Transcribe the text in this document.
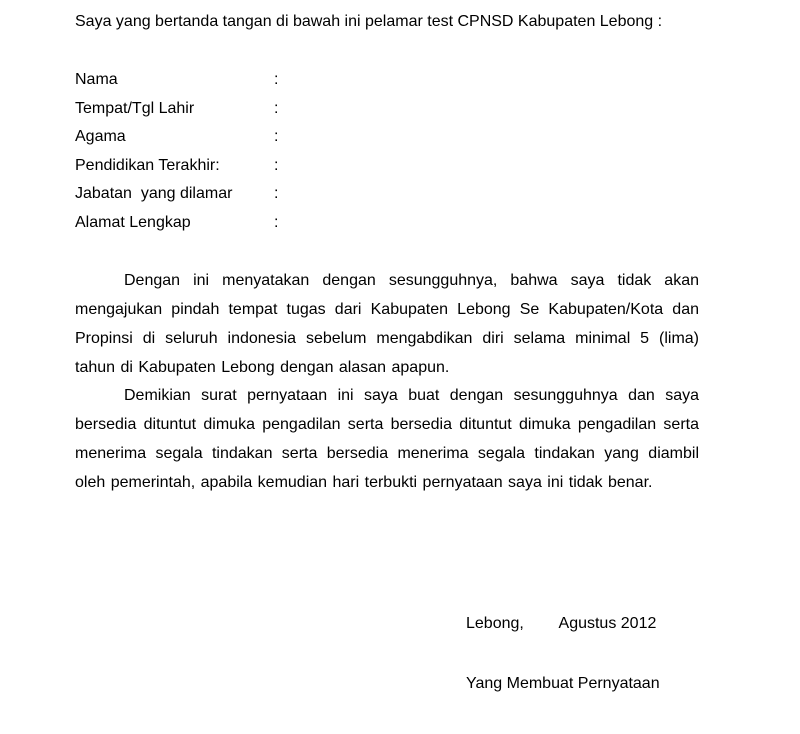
Saya yang bertanda tangan di bawah ini pelamar test CPNSD Kabupaten Lebong :
Nama	:
Tempat/Tgl Lahir	:
Agama	:
Pendidikan Terakhir:	:
Jabatan  yang dilamar	:
Alamat Lengkap	:

Dengan ini menyatakan dengan sesungguhnya, bahwa saya tidak akan mengajukan pindah tempat tugas dari Kabupaten Lebong Se Kabupaten/Kota dan Propinsi di seluruh indonesia sebelum mengabdikan diri selama minimal 5 (lima) tahun di Kabupaten Lebong dengan alasan apapun.

Demikian surat pernyataan ini saya buat dengan sesungguhnya dan saya bersedia dituntut dimuka pengadilan serta bersedia dituntut dimuka pengadilan serta menerima segala tindakan serta bersedia menerima segala tindakan yang diambil oleh pemerintah, apabila kemudian hari terbukti pernyataan saya ini tidak benar.

Lebong,        Agustus 2012

Yang Membuat Pernyataan
